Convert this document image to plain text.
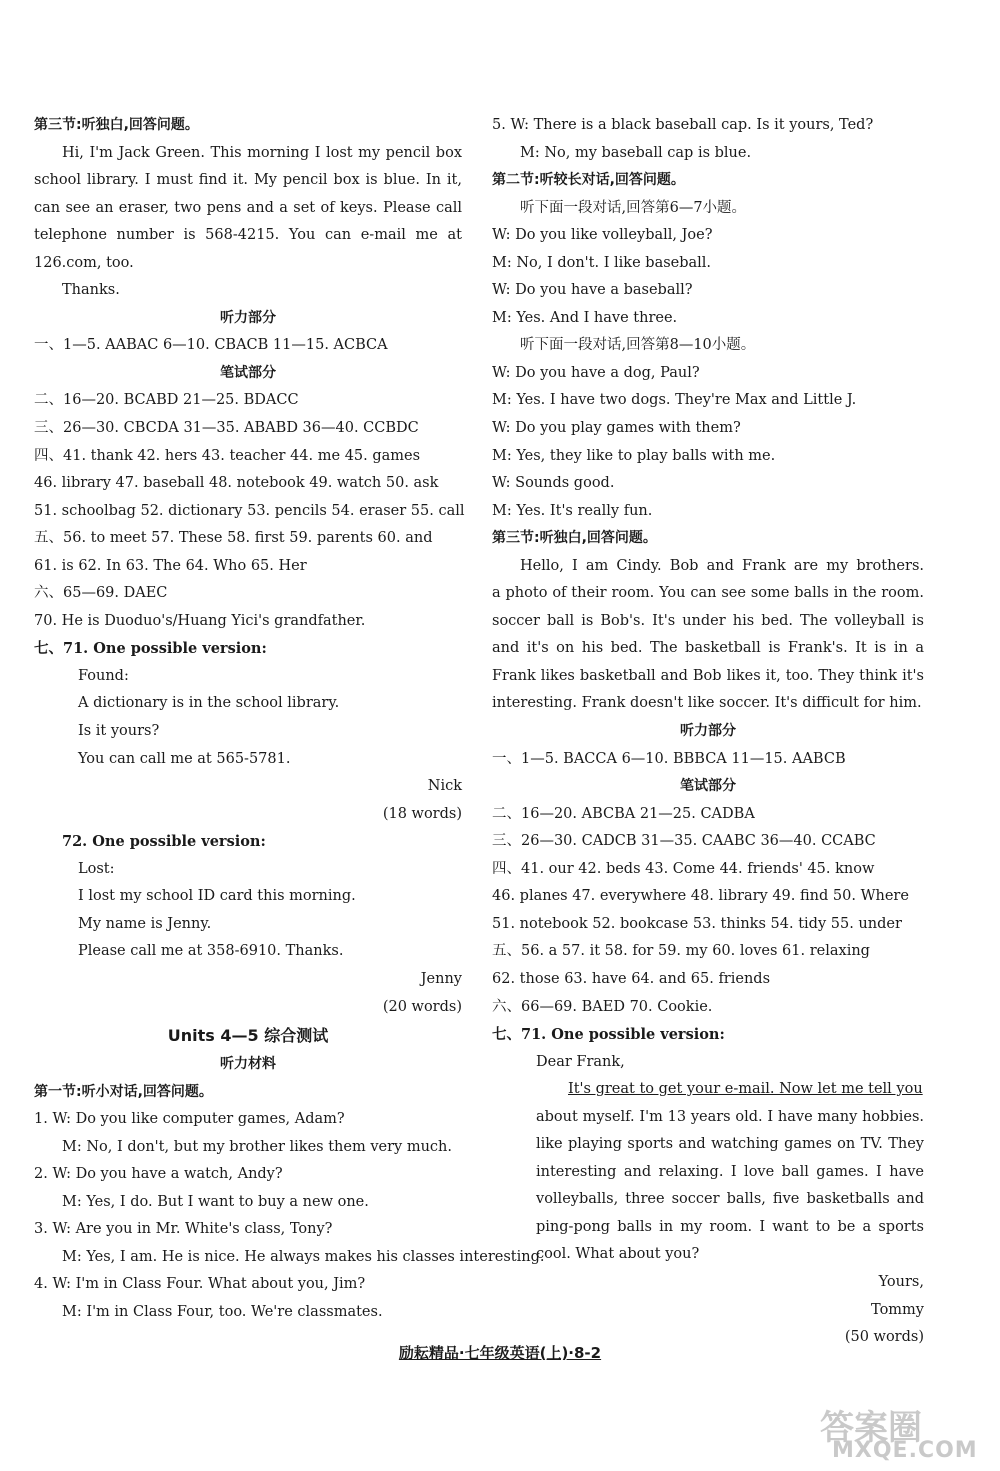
第三节:听独白,回答问题。
Hi, I'm Jack Green. This morning I lost my pencil box
school library. I must find it. My pencil box is blue. In it,
can see an eraser, two pens and a set of keys. Please call
telephone number is 568-4215. You can e-mail me at
126.com, too.
Thanks.
听力部分
一、1—5. AABAC 6—10. CBACB 11—15. ACBCA
笔试部分
二、16—20. BCABD 21—25. BDACC
三、26—30. CBCDA 31—35. ABABD 36—40. CCBDC
四、41. thank 42. hers 43. teacher 44. me 45. games
46. library 47. baseball 48. notebook 49. watch 50. ask
51. schoolbag 52. dictionary 53. pencils 54. eraser 55. call
五、56. to meet 57. These 58. first 59. parents 60. and
61. is 62. In 63. The 64. Who 65. Her
六、65—69. DAEC
70. He is Duoduo's/Huang Yici's grandfather.
七、71. One possible version:
Found:
A dictionary is in the school library.
Is it yours?
You can call me at 565-5781.
Nick
(18 words)
72. One possible version:
Lost:
I lost my school ID card this morning.
My name is Jenny.
Please call me at 358-6910. Thanks.
Jenny
(20 words)
Units 4—5 综合测试
听力材料
第一节:听小对话,回答问题。
1. W: Do you like computer games, Adam?
M: No, I don't, but my brother likes them very much.
2. W: Do you have a watch, Andy?
M: Yes, I do. But I want to buy a new one.
3. W: Are you in Mr. White's class, Tony?
M: Yes, I am. He is nice. He always makes his classes interesting.
4. W: I'm in Class Four. What about you, Jim?
M: I'm in Class Four, too. We're classmates.
5. W: There is a black baseball cap. Is it yours, Ted?
M: No, my baseball cap is blue.
第二节:听较长对话,回答问题。
听下面一段对话,回答第6—7小题。
W: Do you like volleyball, Joe?
M: No, I don't. I like baseball.
W: Do you have a baseball?
M: Yes. And I have three.
听下面一段对话,回答第8—10小题。
W: Do you have a dog, Paul?
M: Yes. I have two dogs. They're Max and Little J.
W: Do you play games with them?
M: Yes, they like to play balls with me.
W: Sounds good.
M: Yes. It's really fun.
第三节:听独白,回答问题。
Hello, I am Cindy. Bob and Frank are my brothers.
a photo of their room. You can see some balls in the room.
soccer ball is Bob's. It's under his bed. The volleyball is
and it's on his bed. The basketball is Frank's. It is in a
Frank likes basketball and Bob likes it, too. They think it's
interesting. Frank doesn't like soccer. It's difficult for him.
听力部分
一、1—5. BACCA 6—10. BBBCA 11—15. AABCB
笔试部分
二、16—20. ABCBA 21—25. CADBA
三、26—30. CADCB 31—35. CAABC 36—40. CCABC
四、41. our 42. beds 43. Come 44. friends' 45. know
46. planes 47. everywhere 48. library 49. find 50. Where
51. notebook 52. bookcase 53. thinks 54. tidy 55. under
五、56. a 57. it 58. for 59. my 60. loves 61. relaxing
62. those 63. have 64. and 65. friends
六、66—69. BAED 70. Cookie.
七、71. One possible version:
Dear Frank,
It's great to get your e-mail. Now let me tell you
about myself. I'm 13 years old. I have many hobbies.
like playing sports and watching games on TV. They
interesting and relaxing. I love ball games. I have
volleyballs, three soccer balls, five basketballs and
ping-pong balls in my room. I want to be a sports
cool. What about you?
Yours,
Tommy
(50 words)
励耘精品·七年级英语(上)·8-2
答案圈
MXQE.COM
